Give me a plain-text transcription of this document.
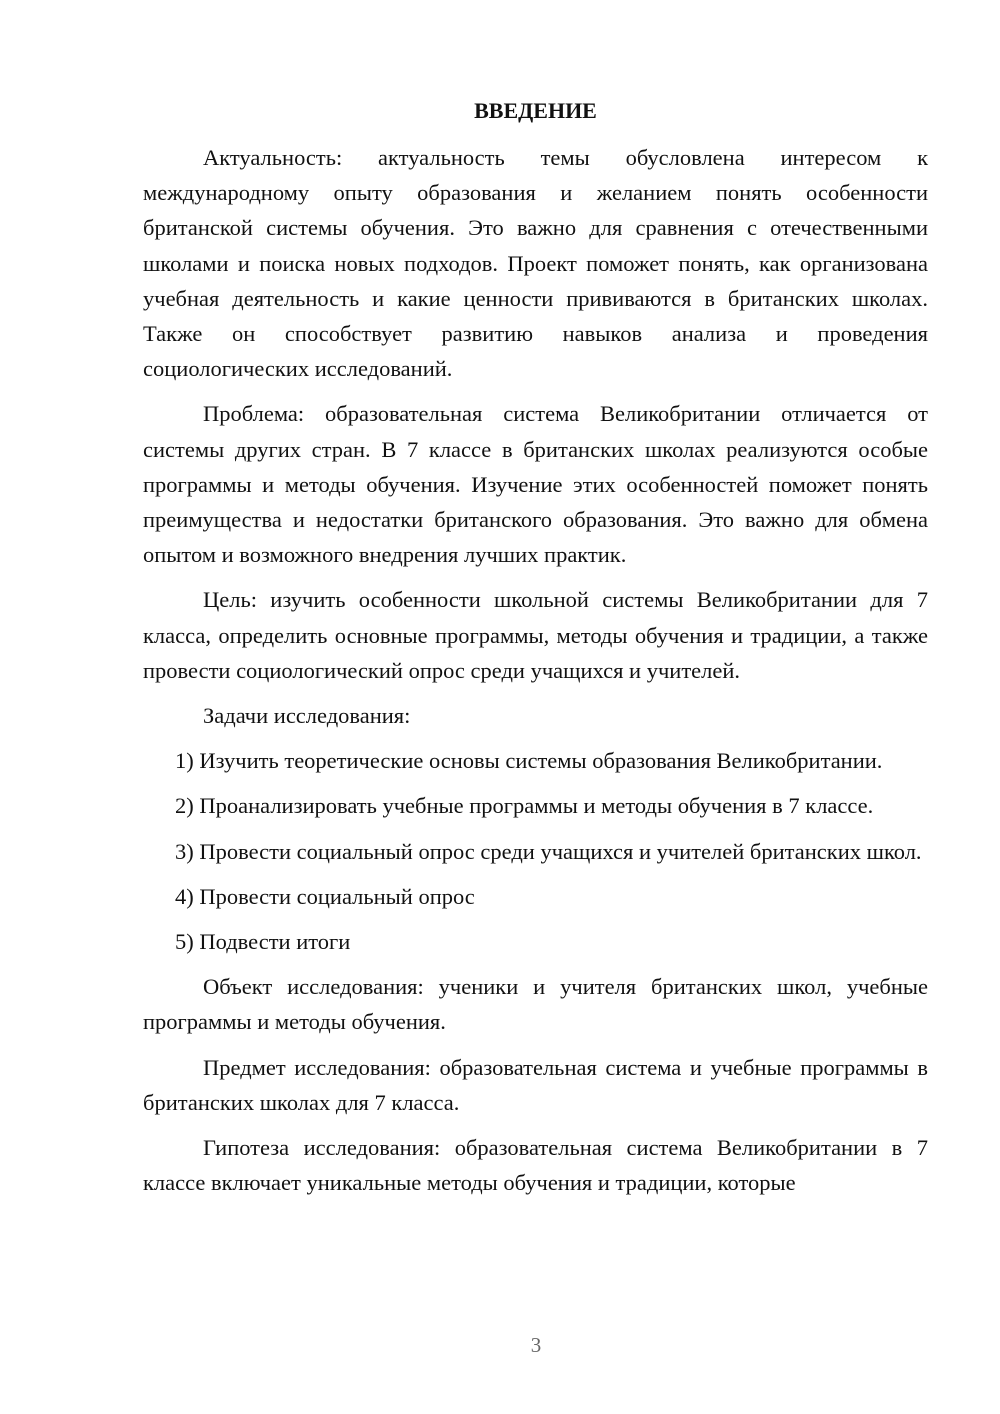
ВВЕДЕНИЕ

Актуальность: актуальность темы обусловлена интересом к международному опыту образования и желанием понять особенности британской системы обучения. Это важно для сравнения с отечественными школами и поиска новых подходов. Проект поможет понять, как организована учебная деятельность и какие ценности прививаются в британских школах. Также он способствует развитию навыков анализа и проведения социологических исследований.

Проблема: образовательная система Великобритании отличается от системы других стран. В 7 классе в британских школах реализуются особые программы и методы обучения. Изучение этих особенностей поможет понять преимущества и недостатки британского образования. Это важно для обмена опытом и возможного внедрения лучших практик.

Цель: изучить особенности школьной системы Великобритании для 7 класса, определить основные программы, методы обучения и традиции, а также провести социологический опрос среди учащихся и учителей.

Задачи исследования:

1) Изучить теоретические основы системы образования Великобритании.

2) Проанализировать учебные программы и методы обучения в 7 классе.

3) Провести социальный опрос среди учащихся и учителей британских школ.

4) Провести социальный опрос

5) Подвести итоги

Объект исследования: ученики и учителя британских школ, учебные программы и методы обучения.

Предмет исследования: образовательная система и учебные программы в британских школах для 7 класса.

Гипотеза исследования: образовательная система Великобритании в 7 классе включает уникальные методы обучения и традиции, которые

3
